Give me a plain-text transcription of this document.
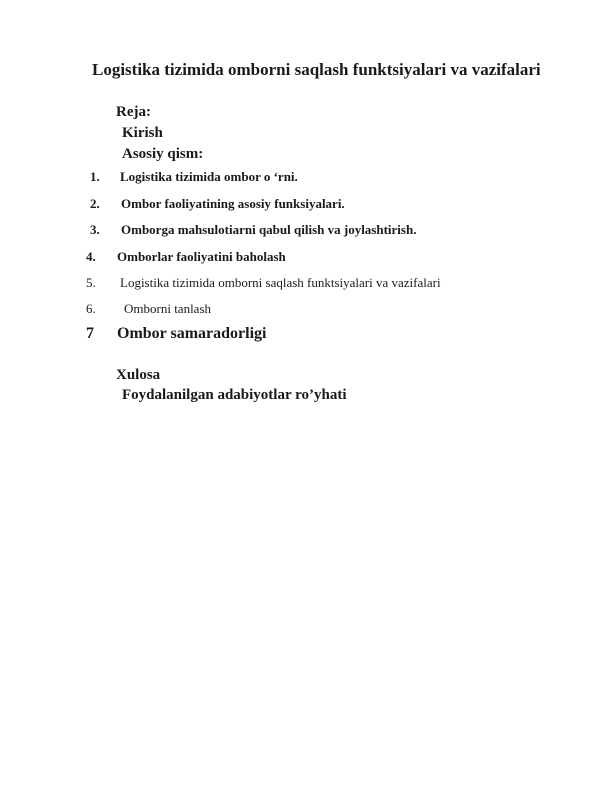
Logistika tizimida omborni saqlash funktsiyalari va vazifalari
Reja:
Kirish
Asosiy qism:
1. Logistika tizimida ombor o ‘rni.
2. Ombor faoliyatining asosiy funksiyalari.
3. Omborga mahsulotiarni qabul qilish va joylashtirish.
4. Omborlar faoliyatini baholash
5. Logistika tizimida omborni saqlash funktsiyalari va vazifalari
6. Omborni tanlash
7 Ombor samaradorligi
Xulosa
Foydalanilgan adabiyotlar ro’yhati
